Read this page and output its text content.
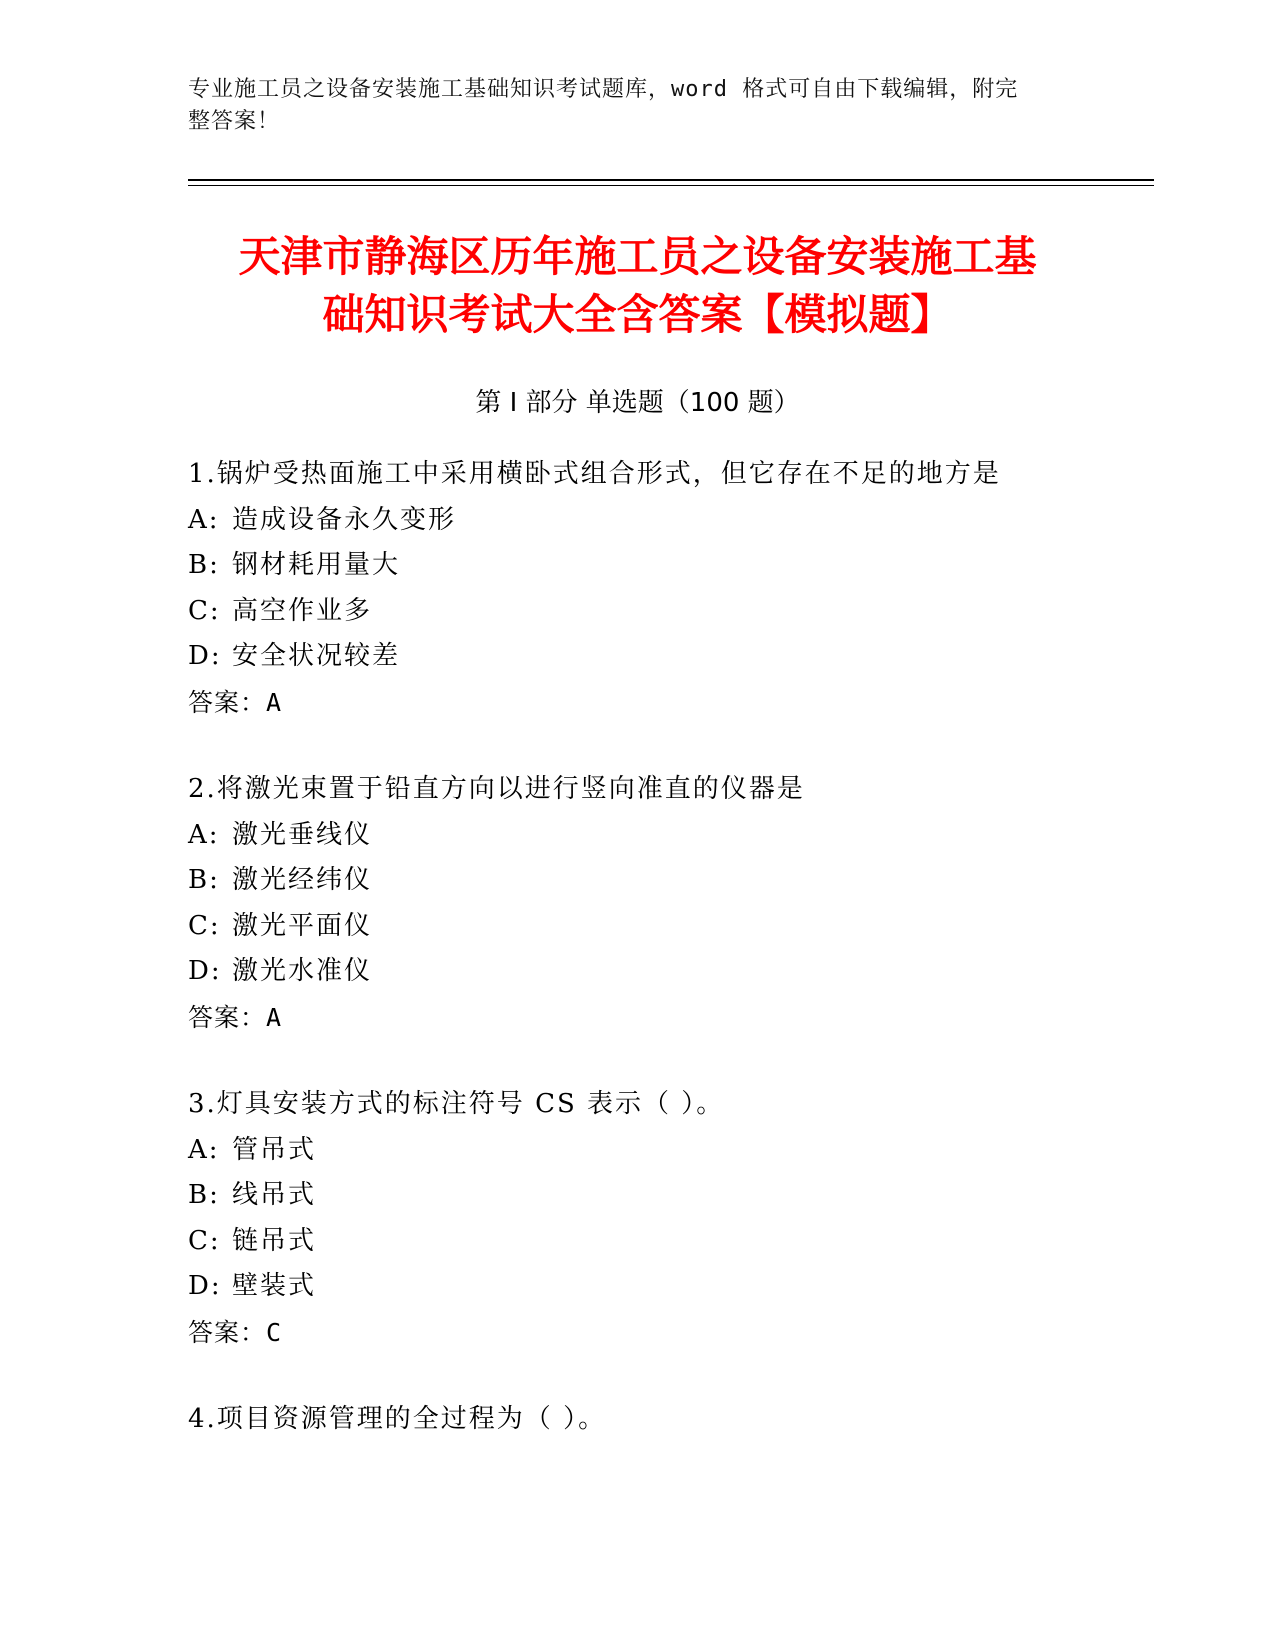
专业施工员之设备安装施工基础知识考试题库，word 格式可自由下载编辑，附完
整答案！
天津市静海区历年施工员之设备安装施工基
础知识考试大全含答案【模拟题】
第 I 部分 单选题（100 题）
1.锅炉受热面施工中采用横卧式组合形式，但它存在不足的地方是
A: 造成设备永久变形
B: 钢材耗用量大
C: 高空作业多
D: 安全状况较差
答案：A
2.将激光束置于铅直方向以进行竖向准直的仪器是
A: 激光垂线仪
B: 激光经纬仪
C: 激光平面仪
D: 激光水准仪
答案：A
3.灯具安装方式的标注符号 CS 表示（ ）。
A: 管吊式
B: 线吊式
C: 链吊式
D: 壁装式
答案：C
4.项目资源管理的全过程为（ ）。
